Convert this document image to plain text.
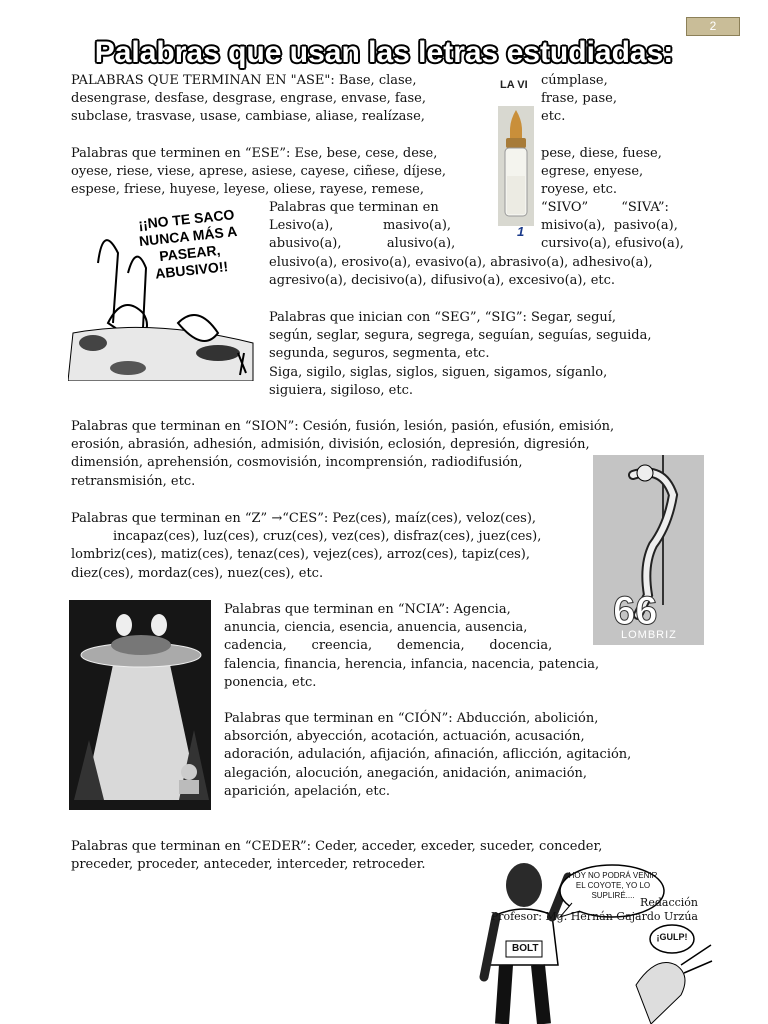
2
Palabras que usan las letras estudiadas:
PALABRAS QUE TERMINAN EN "ASE": Base, clase,
desengrase, desfase, desgrase, engrase, envase, fase,
subclase, trasvase, usase, cambiase, aliase, realízase,
cúmplase,
frase, pase,
etc.
Palabras que terminen en “ESE”: Ese, bese, cese, dese,
oyese, riese, viese, aprese, asiese, cayese, ciñese, díjese,
espese, friese, huyese, leyese, oliese, rayese, remese,
pese, diese, fuese,
egrese, enyese,
royese, etc.
LA VI
1
¡¡NO TE SACO NUNCA MÁS A PASEAR, ABUSIVO!!
Palabras que terminan en	“SIVO”        “SIVA”:
Lesivo(a),            masivo(a),	misivo(a),  pasivo(a),
abusivo(a),           alusivo(a),	cursivo(a), efusivo(a),
elusivo(a), erosivo(a), evasivo(a), abrasivo(a), adhesivo(a),
agresivo(a), decisivo(a), difusivo(a), excesivo(a), etc.
Palabras que inician con “SEG”, “SIG”: Segar, seguí,
según, seglar, segura, segrega, seguían, seguías, seguida,
segunda, seguros, segmenta, etc.
Siga, sigilo, siglas, siglos, siguen, sigamos, síganlo,
siguiera, sigiloso, etc.
Palabras que terminan en “SION”: Cesión, fusión, lesión, pasión, efusión, emisión,
erosión, abrasión, adhesión, admisión, división, eclosión, depresión, digresión,
dimensión, aprehensión, cosmovisión, incomprensión, radiodifusión,
retransmisión, etc.
66
LOMBRIZ
Palabras que terminan en “Z” →“CES”: Pez(ces), maíz(ces), veloz(ces),
incapaz(ces), luz(ces), cruz(ces), vez(ces), disfraz(ces), juez(ces),
lombriz(ces), matiz(ces), tenaz(ces), vejez(ces), arroz(ces), tapiz(ces),
diez(ces), mordaz(ces), nuez(ces), etc.
Palabras que terminan en “NCIA”: Agencia,
anuncia, ciencia, esencia, anuencia, ausencia,
cadencia,      creencia,      demencia,      docencia,
falencia, financia, herencia, infancia, nacencia, patencia,
ponencia, etc.
Palabras que terminan en “CIÓN”: Abducción, abolición,
absorción, abyección, acotación, actuación, acusación,
adoración, adulación, afijación, afinación, aflicción, agitación,
alegación, alocución, anegación, anidación, animación,
aparición, apelación, etc.
Palabras que terminan en “CEDER”: Ceder, acceder, exceder, suceder, conceder,
preceder, proceder, anteceder, interceder, retroceder.
BOLT
HOY NO PODRÁ VENIR EL COYOTE, YO LO SUPLIRÉ....
¡GULP!
Redacción
Profesor: Mg. Hernán Gajardo Urzúa
